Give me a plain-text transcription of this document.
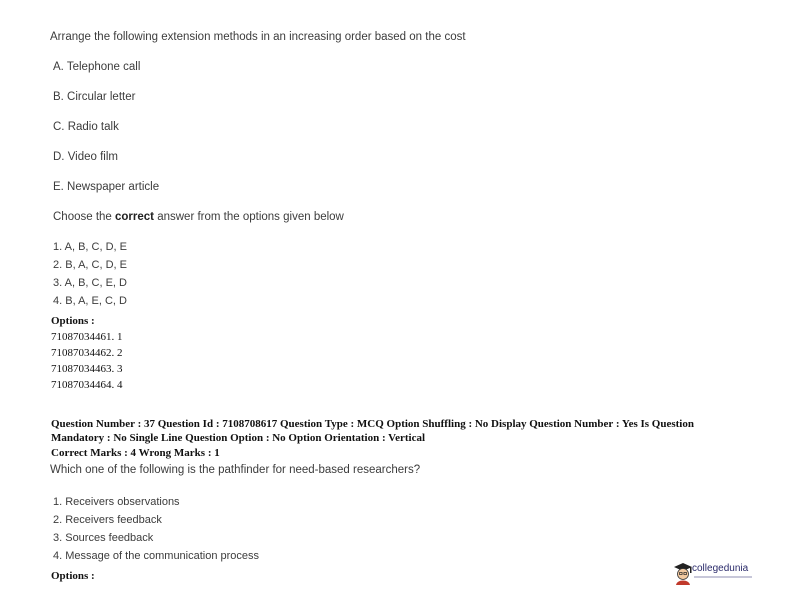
Arrange the following extension methods in an increasing order based on the cost
A. Telephone call
B. Circular letter
C. Radio talk
D. Video film
E. Newspaper article
Choose the correct answer from the options given below
1. A, B, C, D, E
2. B, A, C, D, E
3. A, B, C, E, D
4. B, A, E, C, D
Options :
71087034461. 1
71087034462. 2
71087034463. 3
71087034464. 4
Question Number : 37 Question Id : 7108708617 Question Type : MCQ Option Shuffling : No Display Question Number : Yes Is Question Mandatory : No Single Line Question Option : No Option Orientation : Vertical
Correct Marks : 4 Wrong Marks : 1
Which one of the following is the pathfinder for need-based researchers?
1. Receivers observations
2. Receivers feedback
3. Sources feedback
4. Message of the communication process
Options :
collegedunia
